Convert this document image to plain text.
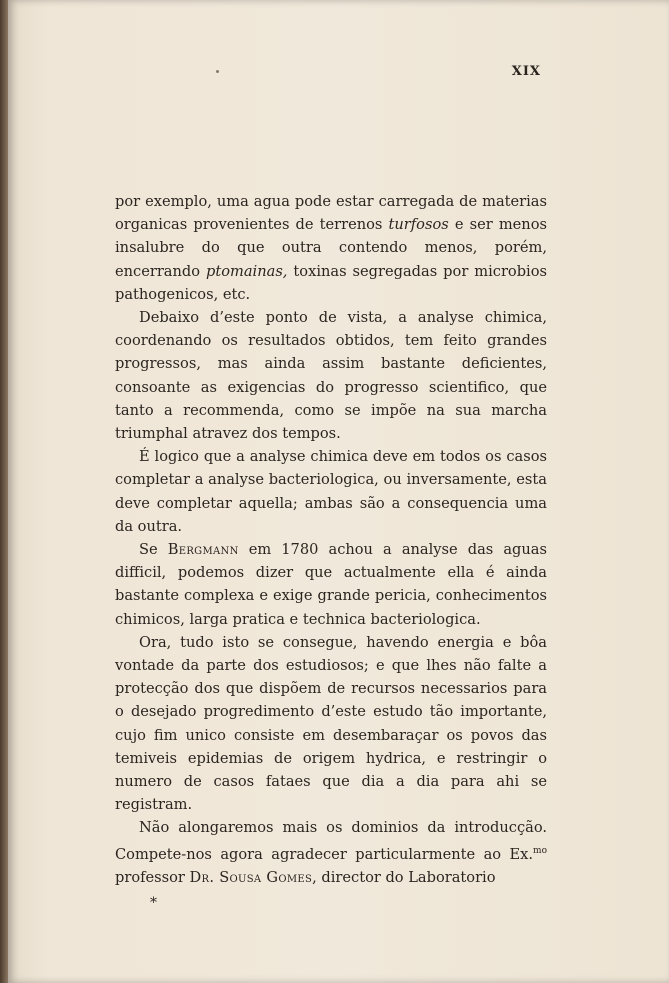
XIX

por exemplo, uma agua pode estar carregada de materias organicas provenientes de terrenos turfosos e ser menos insalubre do que outra contendo menos, porém, encerrando ptomainas, toxinas segregadas por microbios pathogenicos, etc.

Debaixo d’este ponto de vista, a analyse chimica, coordenando os resultados obtidos, tem feito grandes progressos, mas ainda assim bastante deficientes, consoante as exigencias do progresso scientifico, que tanto a recommenda, como se impõe na sua marcha triumphal atravez dos tempos.

É logico que a analyse chimica deve em todos os casos completar a analyse bacteriologica, ou inversamente, esta deve completar aquella; ambas são a consequencia uma da outra.

Se Bergmann em 1780 achou a analyse das aguas difficil, podemos dizer que actualmente ella é ainda bastante complexa e exige grande pericia, conhecimentos chimicos, larga pratica e technica bacteriologica.

Ora, tudo isto se consegue, havendo energia e bôa vontade da parte dos estudiosos; e que lhes não falte a protecção dos que dispõem de recursos necessarios para o desejado progredimento d’este estudo tão importante, cujo fim unico consiste em desembaraçar os povos das temiveis epidemias de origem hydrica, e restringir o numero de casos fataes que dia a dia para ahi se registram.

Não alongaremos mais os dominios da introducção. Compete-nos agora agradecer particularmente ao Ex.$^{mo}$ professor Dr. Sousa Gomes, director do Laboratorio

*
